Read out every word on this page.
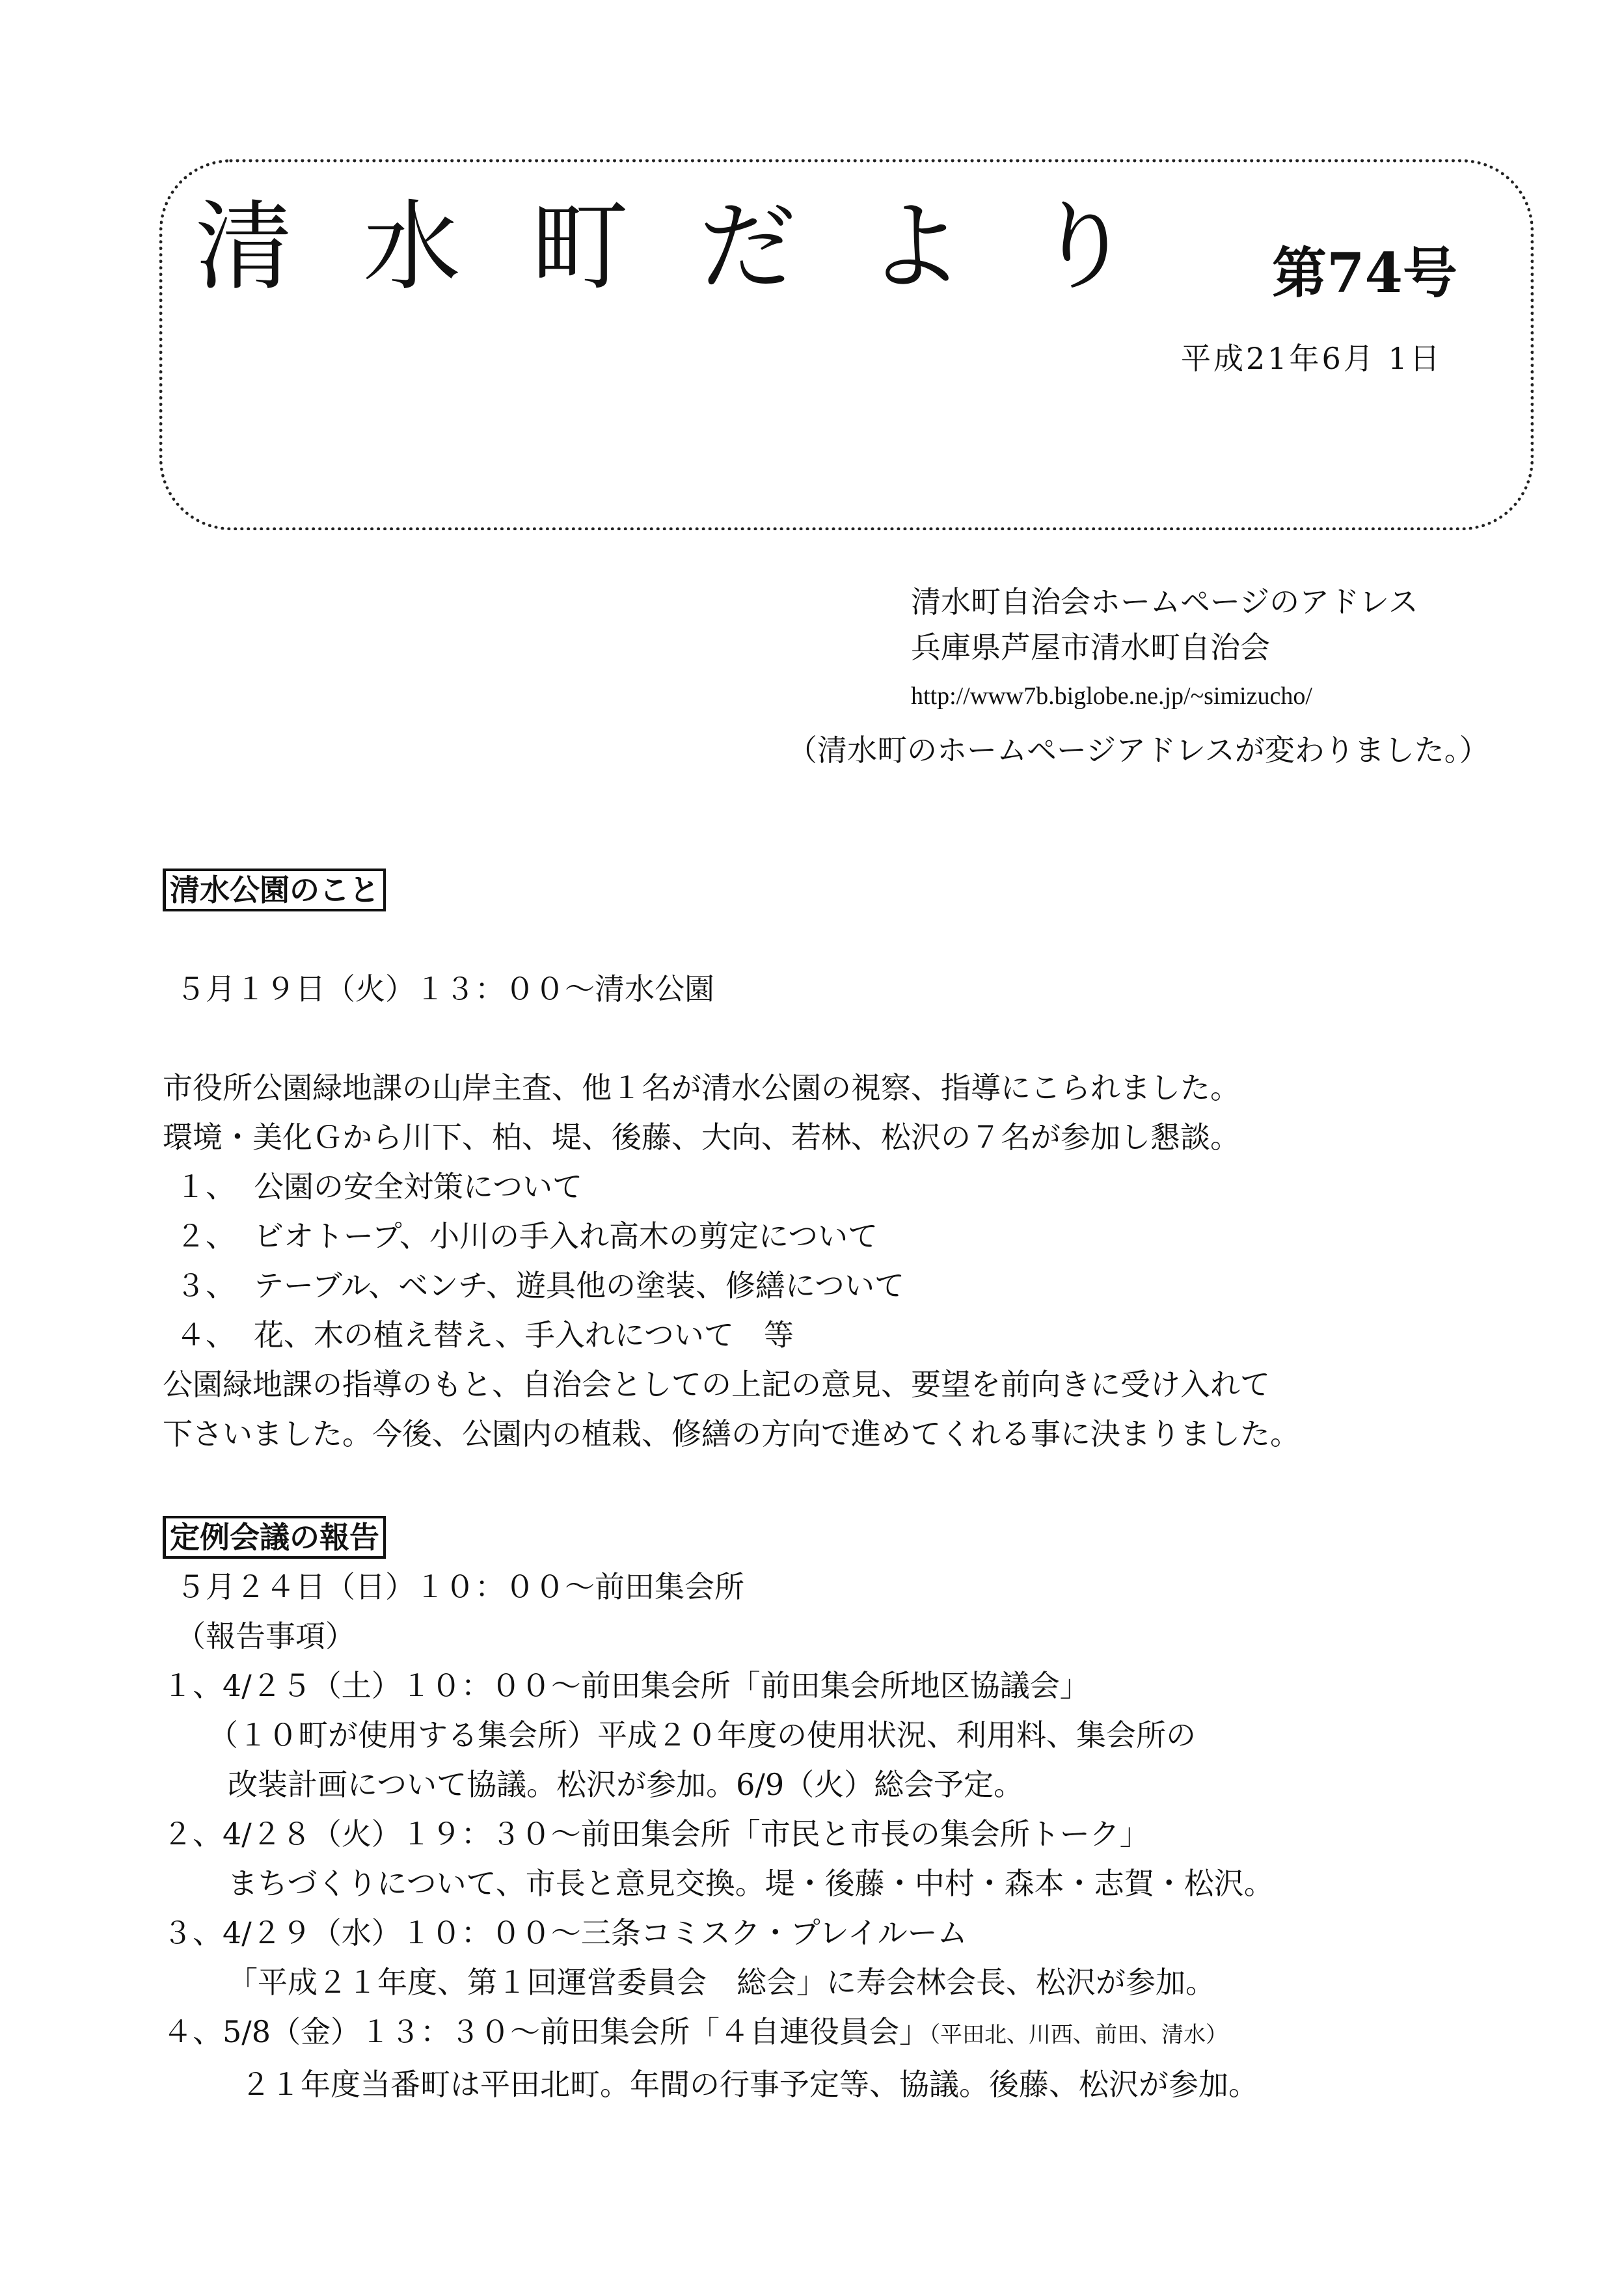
清水町だより 第74号
平成21年6月 1日
清水町自治会ホームページのアドレス
兵庫県芦屋市清水町自治会
http://www7b.biglobe.ne.jp/~simizucho/
（清水町のホームページアドレスが変わりました。）
清水公園のこと
５月１９日（火）１３：００～清水公園
市役所公園緑地課の山岸主査、他１名が清水公園の視察、指導にこられました。
環境・美化Ｇから川下、柏、堤、後藤、大向、若林、松沢の７名が参加し懇談。
１、 公園の安全対策について
２、 ビオトープ、小川の手入れ高木の剪定について
３、 テーブル、ベンチ、遊具他の塗装、修繕について
４、 花、木の植え替え、手入れについて　等
公園緑地課の指導のもと、自治会としての上記の意見、要望を前向きに受け入れて
下さいました。今後、公園内の植栽、修繕の方向で進めてくれる事に決まりました。
定例会議の報告
５月２４日（日）１０：００～前田集会所
（報告事項）
１、4/２５（土）１０：００～前田集会所「前田集会所地区協議会」
（１０町が使用する集会所）平成２０年度の使用状況、利用料、集会所の
改装計画について協議。松沢が参加。6/9（火）総会予定。
２、4/２８（火）１９：３０～前田集会所「市民と市長の集会所トーク」
まちづくりについて、市長と意見交換。堤・後藤・中村・森本・志賀・松沢。
３、4/２９（水）１０：００～三条コミスク・プレイルーム
「平成２１年度、第１回運営委員会　総会」に寿会林会長、松沢が参加。
４、5/8（金）１３：３０～前田集会所「４自連役員会」（平田北、川西、前田、清水）
２１年度当番町は平田北町。年間の行事予定等、協議。後藤、松沢が参加。
